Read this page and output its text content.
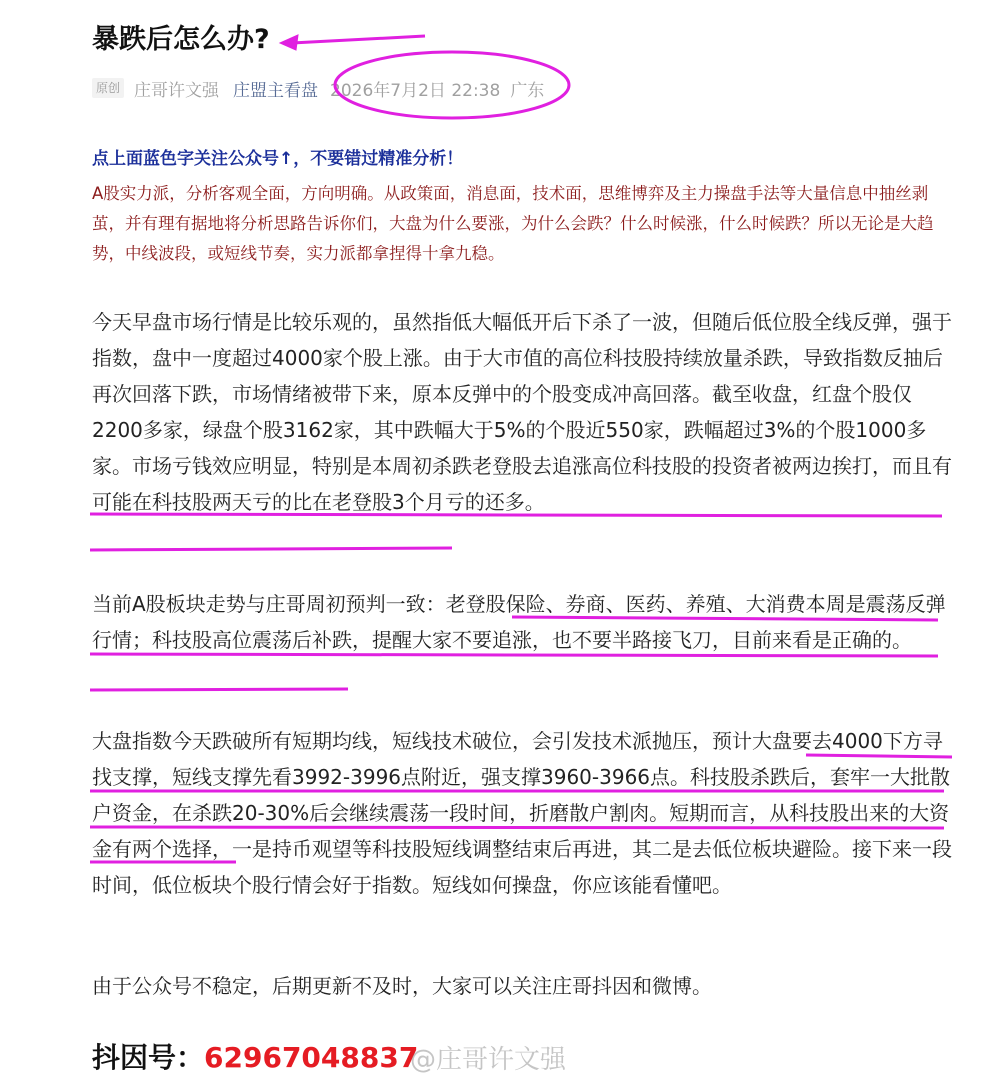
暴跌后怎么办?
原创 庄哥许文强 庄盟主看盘 2026年7月2日 22:38 广东

点上面蓝色字关注公众号↑，不要错过精准分析！

A股实力派，分析客观全面，方向明确。从政策面，消息面，技术面，思维博弈及主力操盘手法等大量信息中抽丝剥茧，并有理有据地将分析思路告诉你们，大盘为什么要涨，为什么会跌？什么时候涨，什么时候跌？所以无论是大趋势，中线波段，或短线节奏，实力派都拿捏得十拿九稳。

今天早盘市场行情是比较乐观的，虽然指低大幅低开后下杀了一波，但随后低位股全线反弹，强于指数，盘中一度超过4000家个股上涨。由于大市值的高位科技股持续放量杀跌，导致指数反抽后再次回落下跌，市场情绪被带下来，原本反弹中的个股变成冲高回落。截至收盘，红盘个股仅2200多家，绿盘个股3162家，其中跌幅大于5%的个股近550家，跌幅超过3%的个股1000多家。市场亏钱效应明显，特别是本周初杀跌老登股去追涨高位科技股的投资者被两边挨打，而且有可能在科技股两天亏的比在老登股3个月亏的还多。

当前A股板块走势与庄哥周初预判一致：老登股保险、券商、医药、养殖、大消费本周是震荡反弹行情；科技股高位震荡后补跌，提醒大家不要追涨，也不要半路接飞刀，目前来看是正确的。

大盘指数今天跌破所有短期均线，短线技术破位，会引发技术派抛压，预计大盘要去4000下方寻找支撑，短线支撑先看3992-3996点附近，强支撑3960-3966点。科技股杀跌后，套牢一大批散户资金，在杀跌20-30%后会继续震荡一段时间，折磨散户割肉。短期而言，从科技股出来的大资金有两个选择，一是持币观望等科技股短线调整结束后再进，其二是去低位板块避险。接下来一段时间，低位板块个股行情会好于指数。短线如何操盘，你应该能看懂吧。

由于公众号不稳定，后期更新不及时，大家可以关注庄哥抖因和微博。

抖因号：62967048837
@庄哥许文强
